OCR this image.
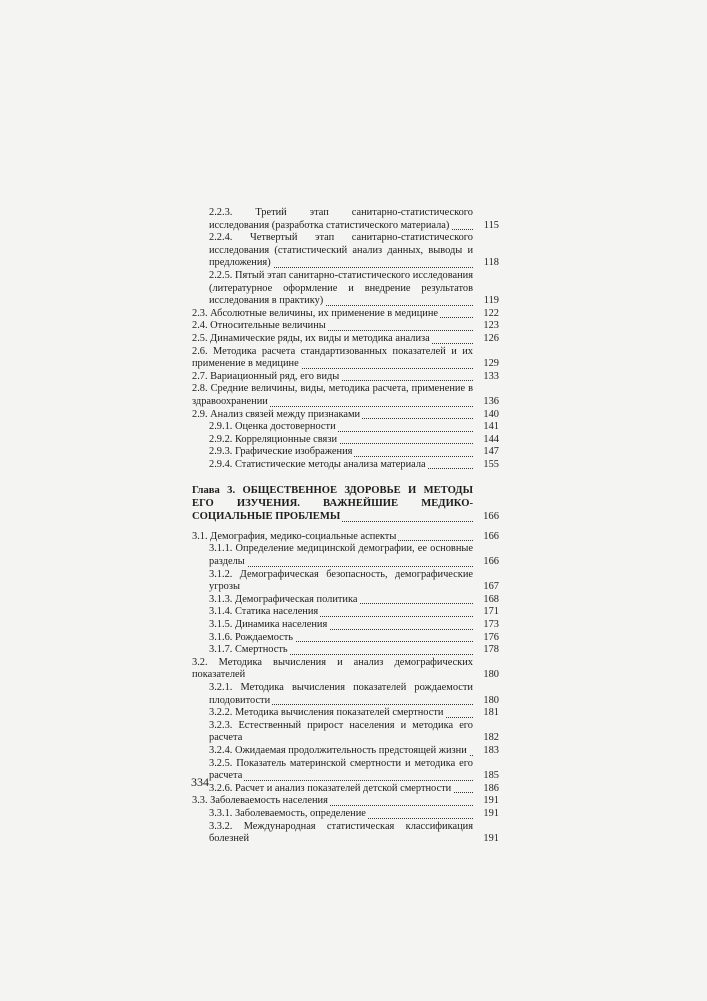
2.2.3. Третий этап санитарно-статистического исследования (разработка статистического материала)	115
2.2.4. Четвертый этап санитарно-статистического исследования (статистический анализ данных, выводы и предложения)	118
2.2.5. Пятый этап санитарно-статистического исследования (литературное оформление и внедрение результатов исследования в практику)	119
2.3. Абсолютные величины, их применение в медицине	122
2.4. Относительные величины	123
2.5. Динамические ряды, их виды и методика анализа	126
2.6. Методика расчета стандартизованных показателей и их применение в медицине	129
2.7. Вариационный ряд, его виды	133
2.8. Средние величины, виды, методика расчета, применение в здравоохранении	136
2.9. Анализ связей между признаками	140
2.9.1. Оценка достоверности	141
2.9.2. Корреляционные связи	144
2.9.3. Графические изображения	147
2.9.4. Статистические методы анализа материала	155
Глава 3. ОБЩЕСТВЕННОЕ ЗДОРОВЬЕ И МЕТОДЫ ЕГО ИЗУЧЕНИЯ. ВАЖНЕЙШИЕ МЕДИКО-СОЦИАЛЬНЫЕ ПРОБЛЕМЫ	166
3.1. Демография, медико-социальные аспекты	166
3.1.1. Определение медицинской демографии, ее основные разделы	166
3.1.2. Демографическая безопасность, демографические угрозы	167
3.1.3. Демографическая политика	168
3.1.4. Статика населения	171
3.1.5. Динамика населения	173
3.1.6. Рождаемость	176
3.1.7. Смертность	178
3.2. Методика вычисления и анализ демографических показателей	180
3.2.1. Методика вычисления показателей рождаемости плодовитости	180
3.2.2. Методика вычисления показателей смертности	181
3.2.3. Естественный прирост населения и методика его расчета	182
3.2.4. Ожидаемая продолжительность предстоящей жизни	183
3.2.5. Показатель материнской смертности и методика его расчета	185
3.2.6. Расчет и анализ показателей детской смертности	186
3.3. Заболеваемость населения	191
3.3.1. Заболеваемость, определение	191
3.3.2. Международная статистическая классификация болезней	191
334
